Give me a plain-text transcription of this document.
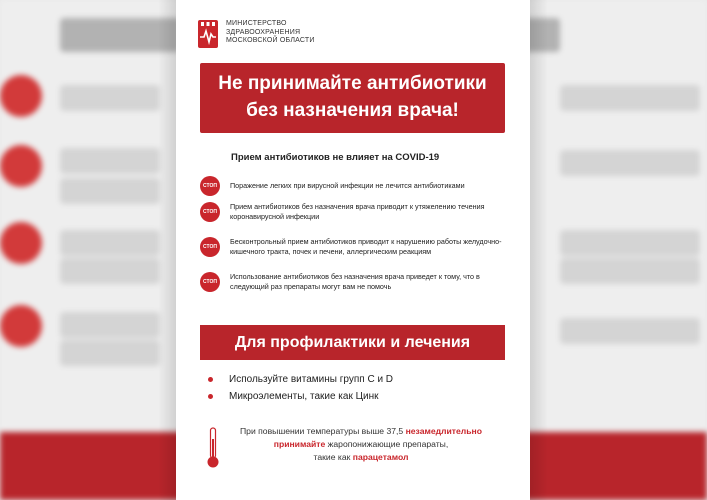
МИНИСТЕРСТВО
ЗДРАВООХРАНЕНИЯ
МОСКОВСКОЙ ОБЛАСТИ
Не принимайте антибиотики
без назначения врача!
Прием антибиотиков не влияет на COVID-19
СТОП	Поражение легких при вирусной инфекции не лечится антибиотиками
СТОП
Прием антибиотиков без назначения врача приводит к утяжелению течения коронавирусной инфекции
СТОП
Бесконтрольный прием антибиотиков приводит к нарушению работы желудочно-кишечного тракта, почек и печени, аллергическим реакциям
СТОП
Использование антибиотиков без назначения врача приведет к тому, что в следующий раз препараты могут вам не помочь
Для профилактики и лечения
Используйте витамины групп С и D
Микроэлементы, такие как Цинк
При повышении температуры выше 37,5 незамедлительно
принимайте жаропонижающие препараты,
такие как парацетамол
